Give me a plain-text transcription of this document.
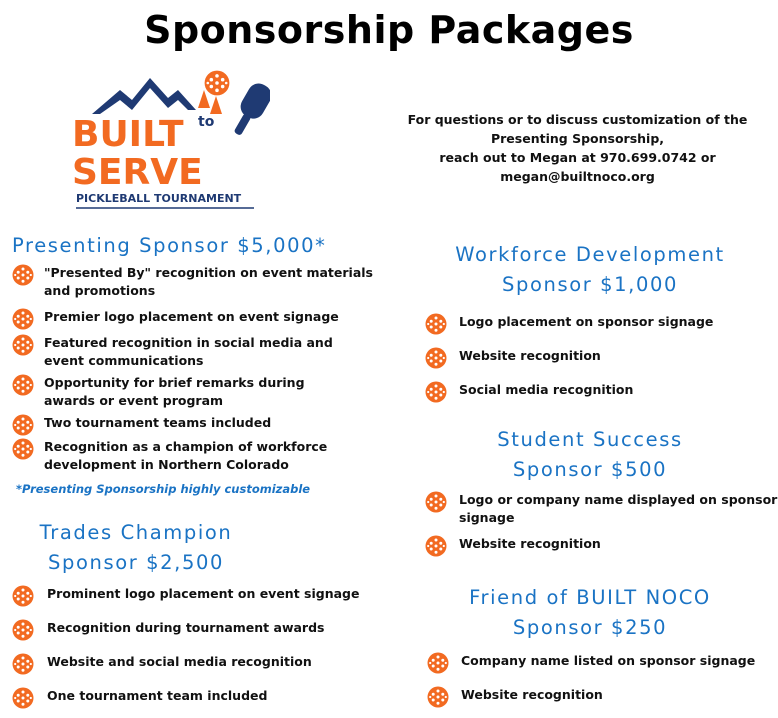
Sponsorship Packages
BUILT to
SERVE
PICKLEBALL TOURNAMENT
For questions or to discuss customization of the
Presenting Sponsorship,
reach out to Megan at 970.699.0742 or
megan@builtnoco.org
Presenting Sponsor $5,000*
"Presented By" recognition on event materials
and promotions
Premier logo placement on event signage
Featured recognition in social media and
event communications
Opportunity for brief remarks during
awards or event program
Two tournament teams included
Recognition as a champion of workforce
development in Northern Colorado
*Presenting Sponsorship highly customizable
Trades Champion
Sponsor $2,500
Prominent logo placement on event signage
Recognition during tournament awards
Website and social media recognition
One tournament team included
Workforce Development
Sponsor $1,000
Logo placement on sponsor signage
Website recognition
Social media recognition
Student Success
Sponsor $500
Logo or company name displayed on sponsor
signage
Website recognition
Friend of BUILT NOCO
Sponsor $250
Company name listed on sponsor signage
Website recognition
